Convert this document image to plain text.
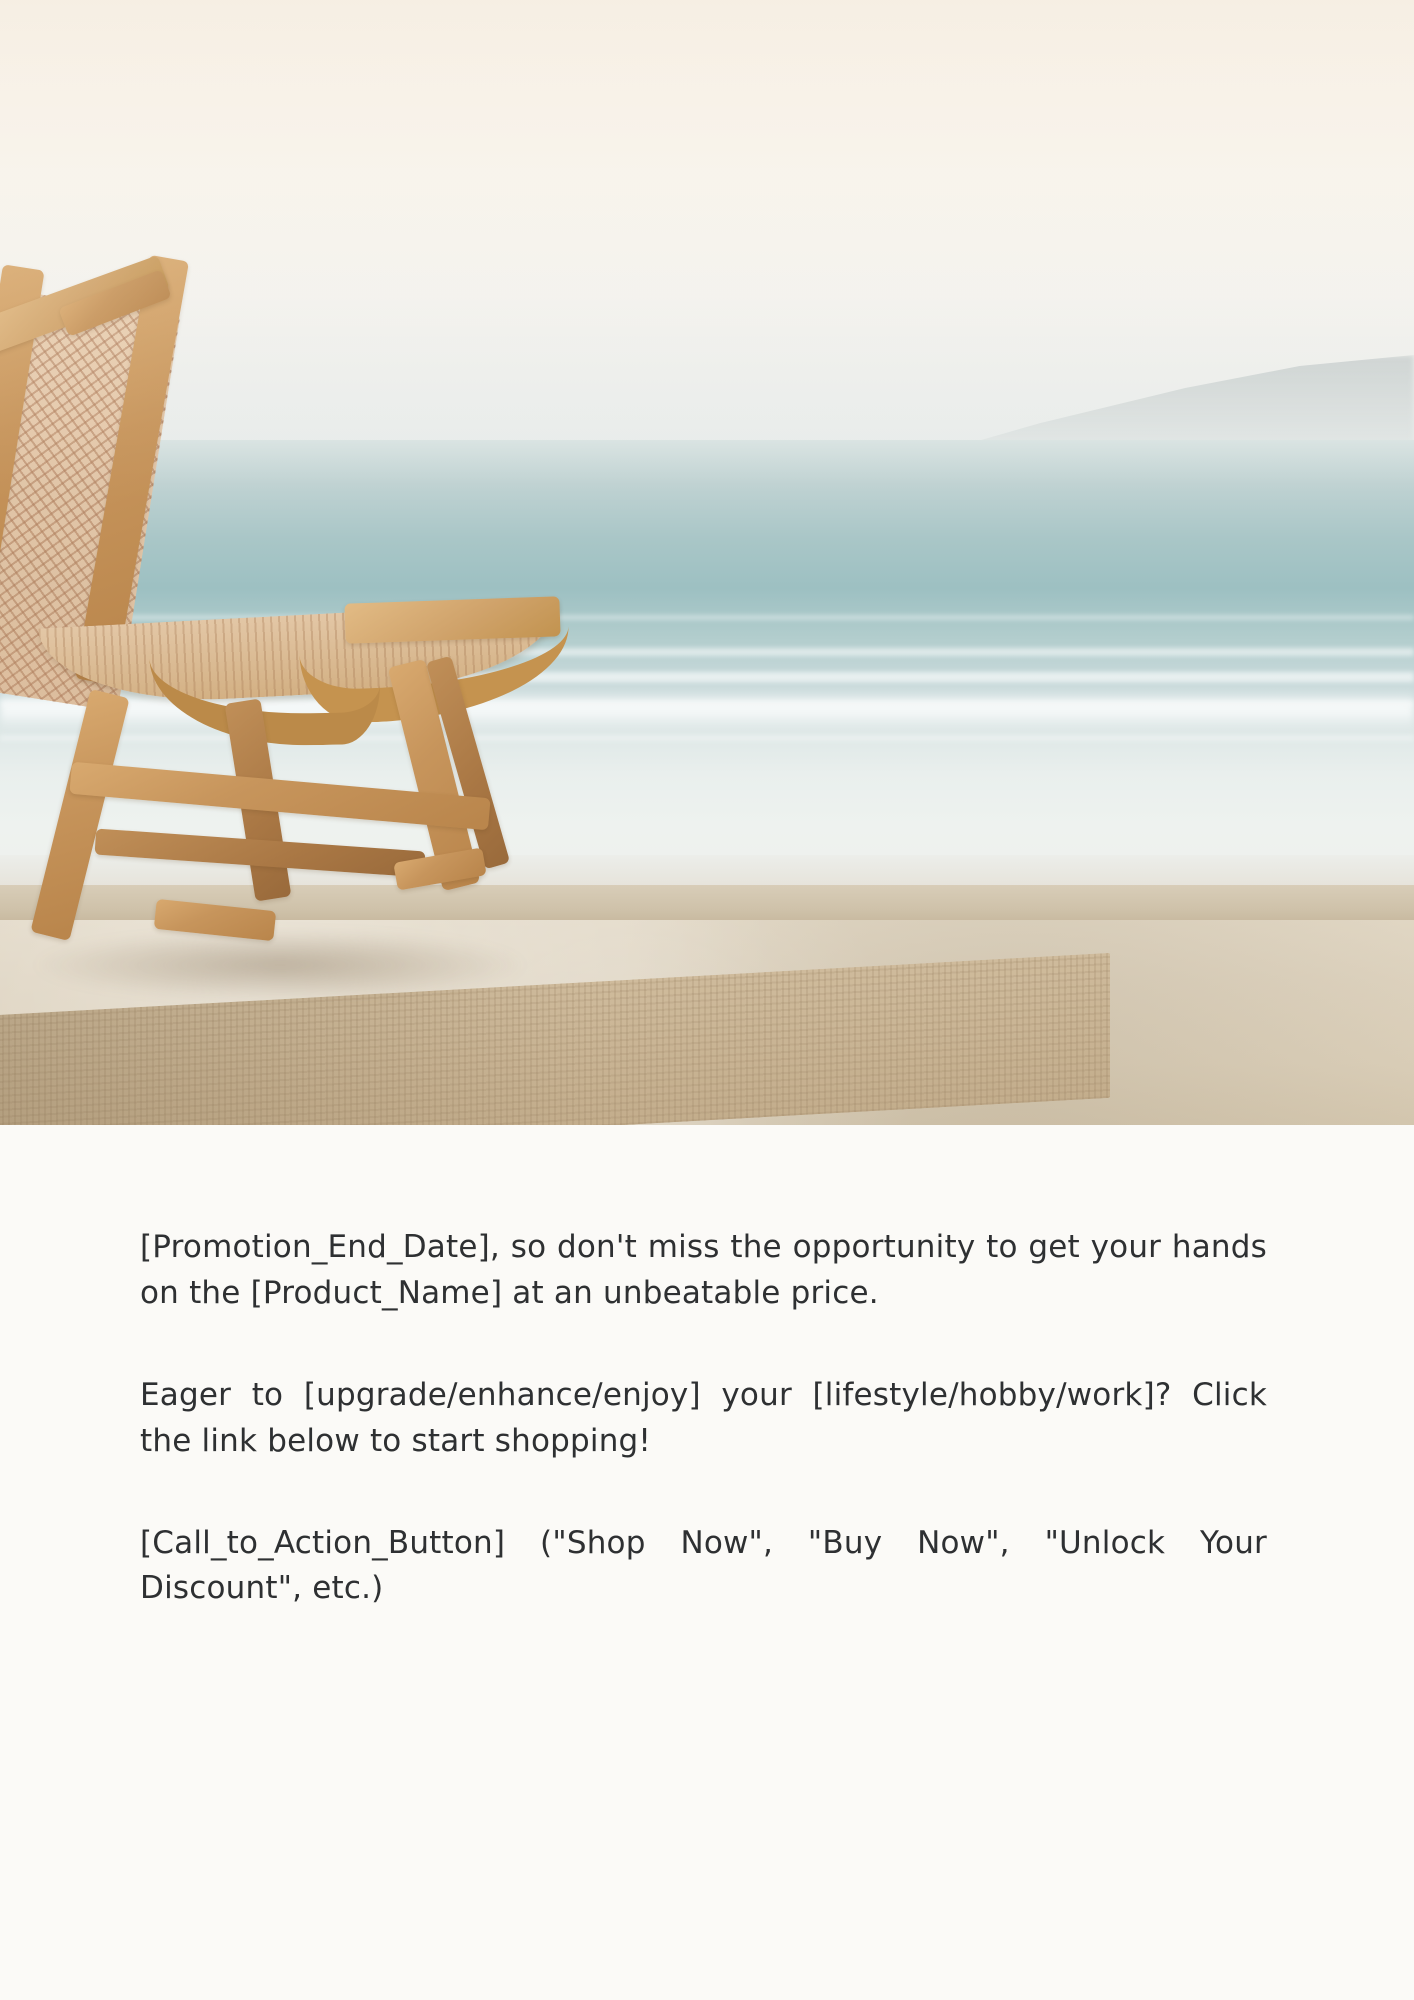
[Promotion_End_Date], so don't miss the opportunity to get your hands on the [Product_Name] at an unbeatable price.

Eager to [upgrade/enhance/enjoy] your [lifestyle/hobby/work]? Click the link below to start shopping!

[Call_to_Action_Button] ("Shop Now", "Buy Now", "Unlock Your Discount", etc.)
